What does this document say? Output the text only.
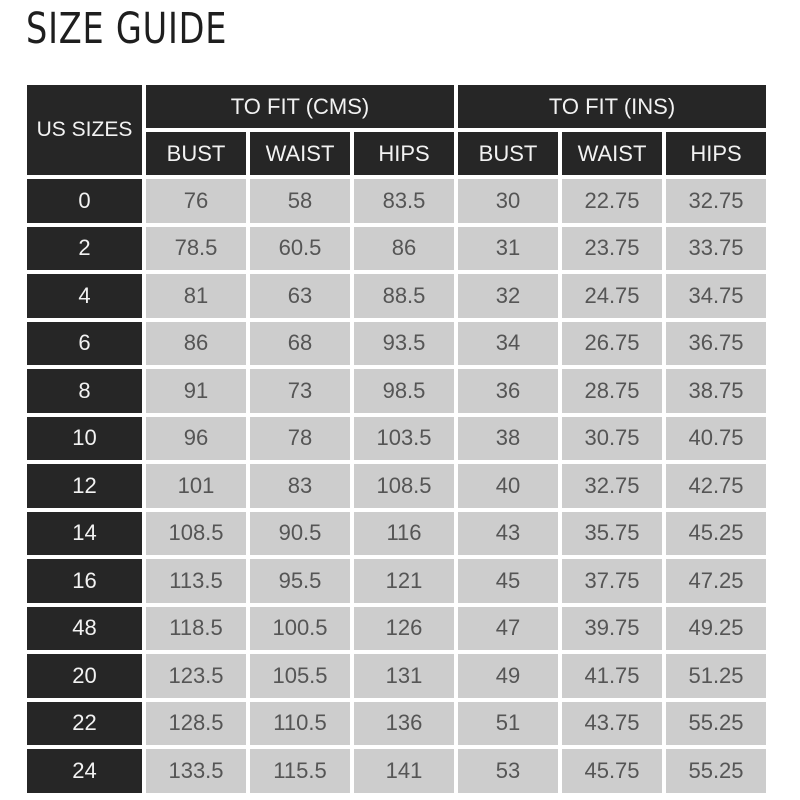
SIZE GUIDE
US SIZES	TO FIT (CMS)			TO FIT (INS)		
	BUST	WAIST	HIPS	BUST	WAIST	HIPS
0	76	58	83.5	30	22.75	32.75
2	78.5	60.5	86	31	23.75	33.75
4	81	63	88.5	32	24.75	34.75
6	86	68	93.5	34	26.75	36.75
8	91	73	98.5	36	28.75	38.75
10	96	78	103.5	38	30.75	40.75
12	101	83	108.5	40	32.75	42.75
14	108.5	90.5	116	43	35.75	45.25
16	113.5	95.5	121	45	37.75	47.25
48	118.5	100.5	126	47	39.75	49.25
20	123.5	105.5	131	49	41.75	51.25
22	128.5	110.5	136	51	43.75	55.25
24	133.5	115.5	141	53	45.75	55.25
